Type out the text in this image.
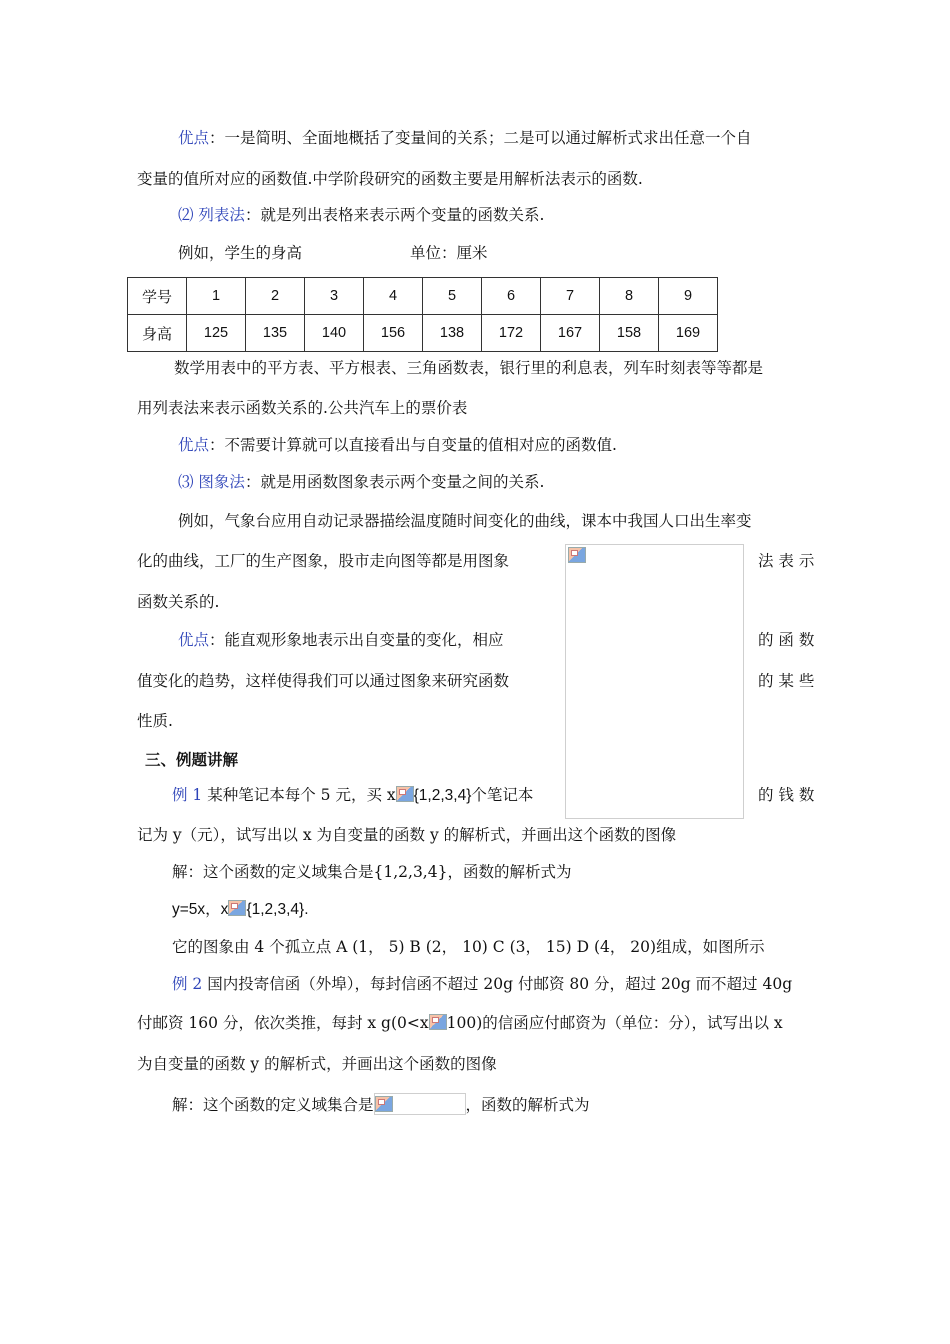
优点：一是简明、全面地概括了变量间的关系；二是可以通过解析式求出任意一个自
变量的值所对应的函数值.中学阶段研究的函数主要是用解析法表示的函数.
⑵ 列表法：就是列出表格来表示两个变量的函数关系.
例如，学生的身高	单位：厘米
学号	1	2	3	4	5	6	7	8	9
身高	125	135	140	156	138	172	167	158	169
数学用表中的平方表、平方根表、三角函数表，银行里的利息表，列车时刻表等等都是
用列表法来表示函数关系的.公共汽车上的票价表
优点：不需要计算就可以直接看出与自变量的值相对应的函数值.
⑶ 图象法：就是用函数图象表示两个变量之间的关系.
例如，气象台应用自动记录器描绘温度随时间变化的曲线，课本中我国人口出生率变
化的曲线，工厂的生产图象，股市走向图等都是用图象	法 表 示
函数关系的.
优点：能直观形象地表示出自变量的变化，相应	的 函 数
值变化的趋势，这样使得我们可以通过图象来研究函数	的 某 些
性质.
三、例题讲解
例 1 某种笔记本每个 5 元，买 x {1,2,3,4}个笔记本	的 钱 数
记为 y（元），试写出以 x 为自变量的函数 y 的解析式，并画出这个函数的图像
解：这个函数的定义域集合是{1,2,3,4}，函数的解析式为
y=5x，x {1,2,3,4}.
它的图象由 4 个孤立点 A (1， 5) B (2， 10) C (3， 15) D (4， 20)组成，如图所示
例 2 国内投寄信函（外埠），每封信函不超过 20g 付邮资 80 分，超过 20g 而不超过 40g
付邮资 160 分，依次类推，每封 x g(0<x 100)的信函应付邮资为（单位：分），试写出以 x
为自变量的函数 y 的解析式，并画出这个函数的图像
解：这个函数的定义域集合是	，函数的解析式为
